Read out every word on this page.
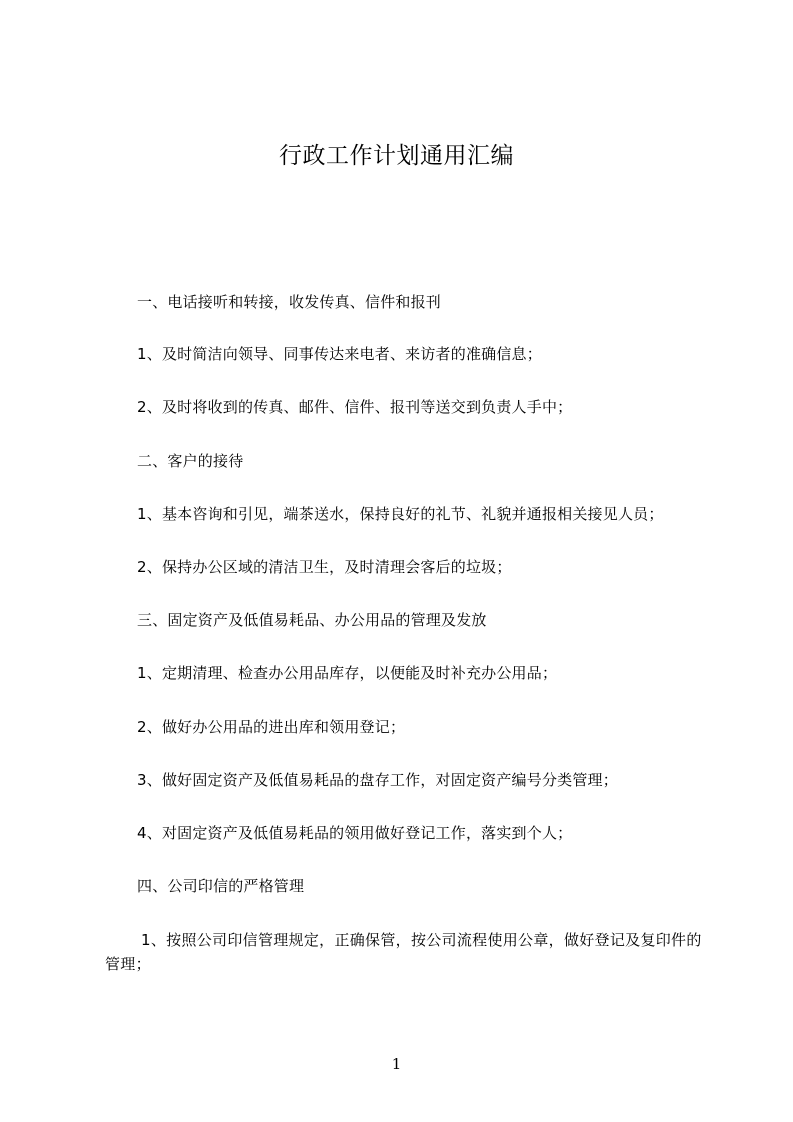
行政工作计划通用汇编
一、电话接听和转接，收发传真、信件和报刊
1、及时简洁向领导、同事传达来电者、来访者的准确信息；
2、及时将收到的传真、邮件、信件、报刊等送交到负责人手中；
二、客户的接待
1、基本咨询和引见，端茶送水，保持良好的礼节、礼貌并通报相关接见人员；
2、保持办公区域的清洁卫生，及时清理会客后的垃圾；
三、固定资产及低值易耗品、办公用品的管理及发放
1、定期清理、检查办公用品库存，以便能及时补充办公用品；
2、做好办公用品的进出库和领用登记；
3、做好固定资产及低值易耗品的盘存工作，对固定资产编号分类管理；
4、对固定资产及低值易耗品的领用做好登记工作，落实到个人；
四、公司印信的严格管理
1、按照公司印信管理规定，正确保管，按公司流程使用公章，做好登记及复印件的管理；
1
